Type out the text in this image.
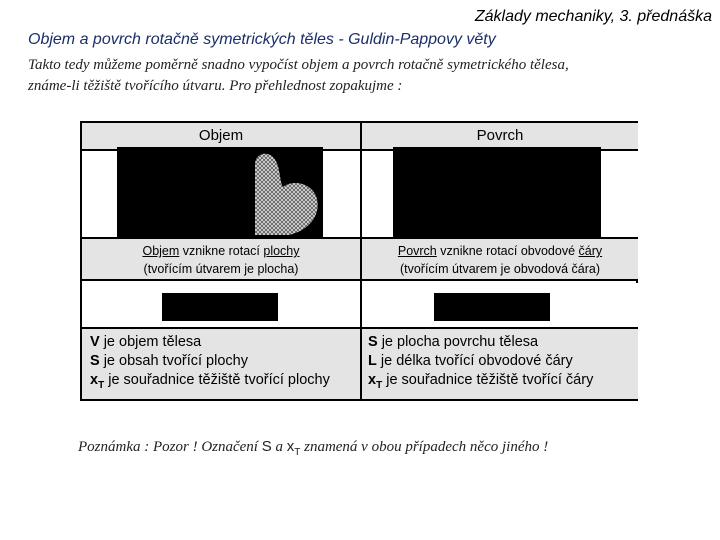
Základy mechaniky, 3. přednáška
Objem a povrch rotačně symetrických těles - Guldin-Pappovy věty
Takto tedy můžeme poměrně snadno vypočíst objem a povrch rotačně symetrického tělesa,
známe-li těžiště tvořícího útvaru. Pro přehlednost zopakujme :
Objem
Objem vznikne rotací plochy
(tvořícím útvarem je plocha)
V je objem tělesa
S je obsah tvořící plochy
$x_T$ je souřadnice těžiště tvořící plochy
Povrch
Povrch vznikne rotací obvodové čáry
(tvořícím útvarem je obvodová čára)
S je plocha povrchu tělesa
L je délka tvořící obvodové čáry
$x_T$ je souřadnice těžiště tvořící čáry
Poznámka : Pozor ! Označení S a $x_T$ znamená v obou případech něco jiného !
